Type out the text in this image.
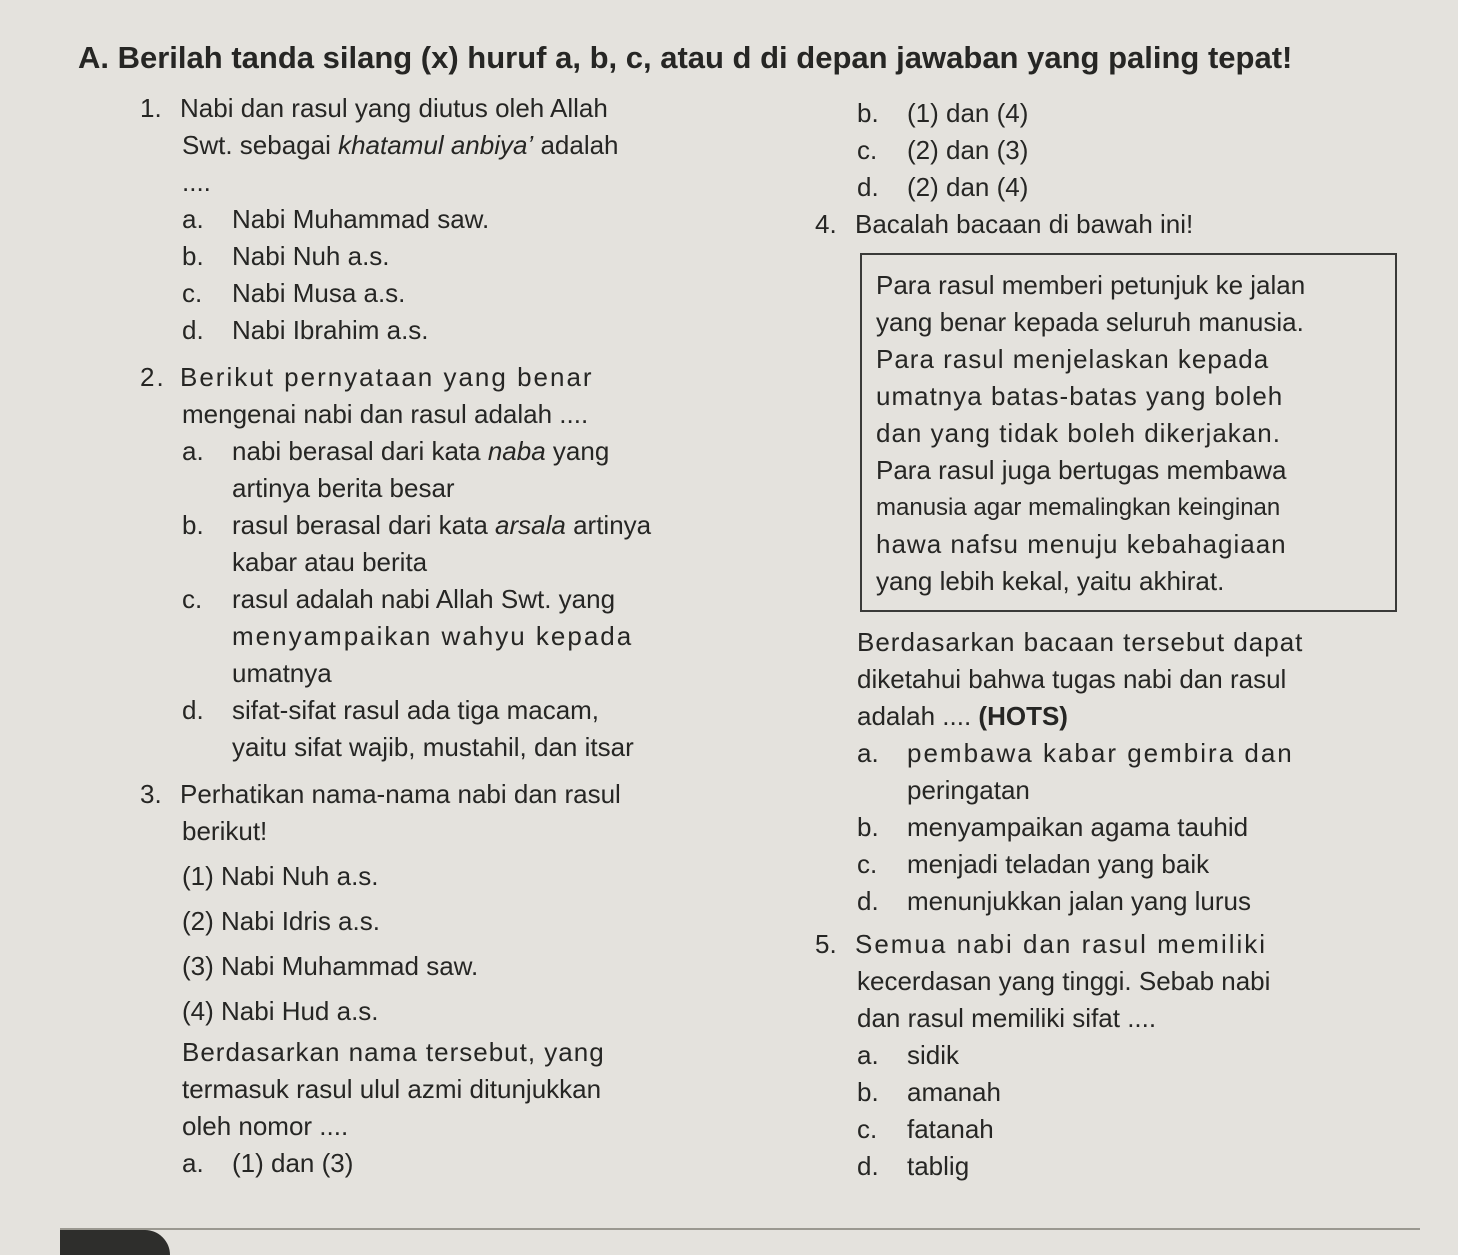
A. Berilah tanda silang (x) huruf a, b, c, atau d di depan jawaban yang paling tepat!
1. Nabi dan rasul yang diutus oleh Allah
Swt. sebagai khatamul anbiya’ adalah
....
a. Nabi Muhammad saw.
b. Nabi Nuh a.s.
c. Nabi Musa a.s.
d. Nabi Ibrahim a.s.
2. Berikut pernyataan yang benar
mengenai nabi dan rasul adalah ....
a. nabi berasal dari kata naba yang
artinya berita besar
b. rasul berasal dari kata arsala artinya
kabar atau berita
c. rasul adalah nabi Allah Swt. yang
menyampaikan wahyu kepada
umatnya
d. sifat-sifat rasul ada tiga macam,
yaitu sifat wajib, mustahil, dan itsar
3. Perhatikan nama-nama nabi dan rasul
berikut!
(1) Nabi Nuh a.s.
(2) Nabi Idris a.s.
(3) Nabi Muhammad saw.
(4) Nabi Hud a.s.
Berdasarkan nama tersebut, yang
termasuk rasul ulul azmi ditunjukkan
oleh nomor ....
a. (1) dan (3)
b. (1) dan (4)
c. (2) dan (3)
d. (2) dan (4)
4. Bacalah bacaan di bawah ini!
Para rasul memberi petunjuk ke jalan
yang benar kepada seluruh manusia.
Para rasul menjelaskan kepada
umatnya batas-batas yang boleh
dan yang tidak boleh dikerjakan.
Para rasul juga bertugas membawa
manusia agar memalingkan keinginan
hawa nafsu menuju kebahagiaan
yang lebih kekal, yaitu akhirat.
Berdasarkan bacaan tersebut dapat
diketahui bahwa tugas nabi dan rasul
adalah .... (HOTS)
a. pembawa kabar gembira dan
peringatan
b. menyampaikan agama tauhid
c. menjadi teladan yang baik
d. menunjukkan jalan yang lurus
5. Semua nabi dan rasul memiliki
kecerdasan yang tinggi. Sebab nabi
dan rasul memiliki sifat ....
a. sidik
b. amanah
c. fatanah
d. tablig
